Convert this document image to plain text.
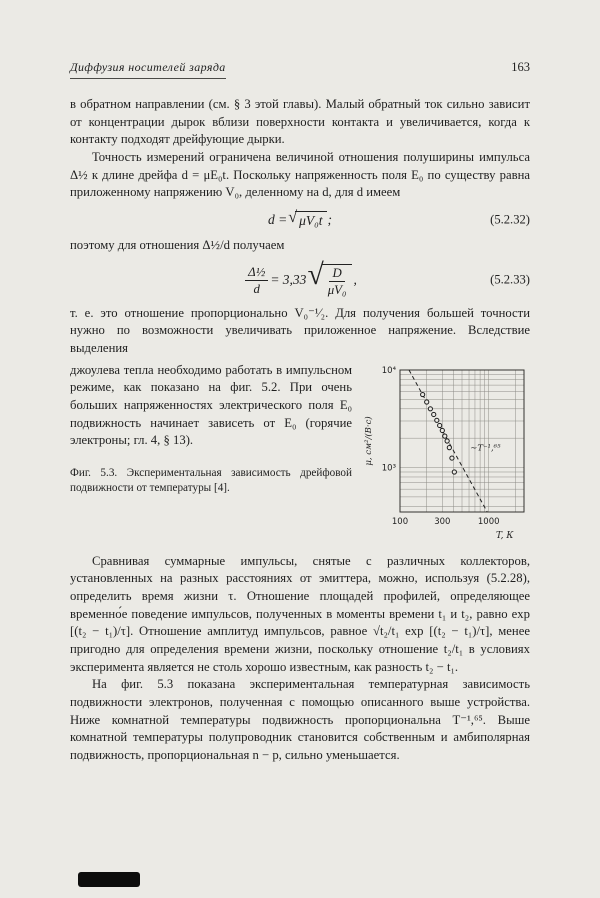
Диффузия носителей заряда	163

в обратном направлении (см. § 3 этой главы). Малый обратный ток сильно зависит от концентрации дырок вблизи поверхности контакта и увеличивается, когда к контакту подходят дрейфующие дырки.

Точность измерений ограничена величиной отношения полуширины импульса Δ½ к длине дрейфа d = μE₀t. Поскольку напряженность поля E₀ по существу равна приложенному напряжению V₀, деленному на d, для d имеем

d = √ μV₀t ;	(5.2.32)

поэтому для отношения Δ½/d получаем

$\frac{\text{Δ½}}{d} = 3,33$ √ $\frac{D}{\text{μV₀}}$ ,	(5.2.33)

т. е. это отношение пропорционально V₀⁻¹⁄₂. Для получения большей точности нужно по возможности увеличивать приложенное напряжение. Вследствие выделения

джоулева тепла необходимо работать в импульсном режиме, как показано на фиг. 5.2. При очень больших напряженностях электрического поля E₀ подвижность начинает зависеть от E₀ (горячие электроны; гл. 4, § 13).

Фиг. 5.3. Экспериментальная зависимость дрейфовой подвижности от температуры [4].
10³
10⁴
100	300	1000
μ, см²/(В·с)
T, К
∼T⁻¹,⁶⁵

Сравнивая суммарные импульсы, снятые с различных коллекторов, установленных на разных расстояниях от эмиттера, можно, используя (5.2.28), определить время жизни τ. Отношение площадей профилей, определяющее временно́е поведение импульсов, полученных в моменты времени t₁ и t₂, равно exp [(t₂ − t₁)/τ]. Отношение амплитуд импульсов, равное √t₂/t₁ exp [(t₂ − t₁)/τ], менее пригодно для определения времени жизни, поскольку отношение t₂/t₁ в условиях эксперимента является не столь хорошо известным, как разность t₂ − t₁.

На фиг. 5.3 показана экспериментальная температурная зависимость подвижности электронов, полученная с помощью описанного выше устройства. Ниже комнатной температуры подвижность пропорциональна T⁻¹,⁶⁵. Выше комнатной температуры полупроводник становится собственным и амбиполярная подвижность, пропорциональная n − p, сильно уменьшается.
